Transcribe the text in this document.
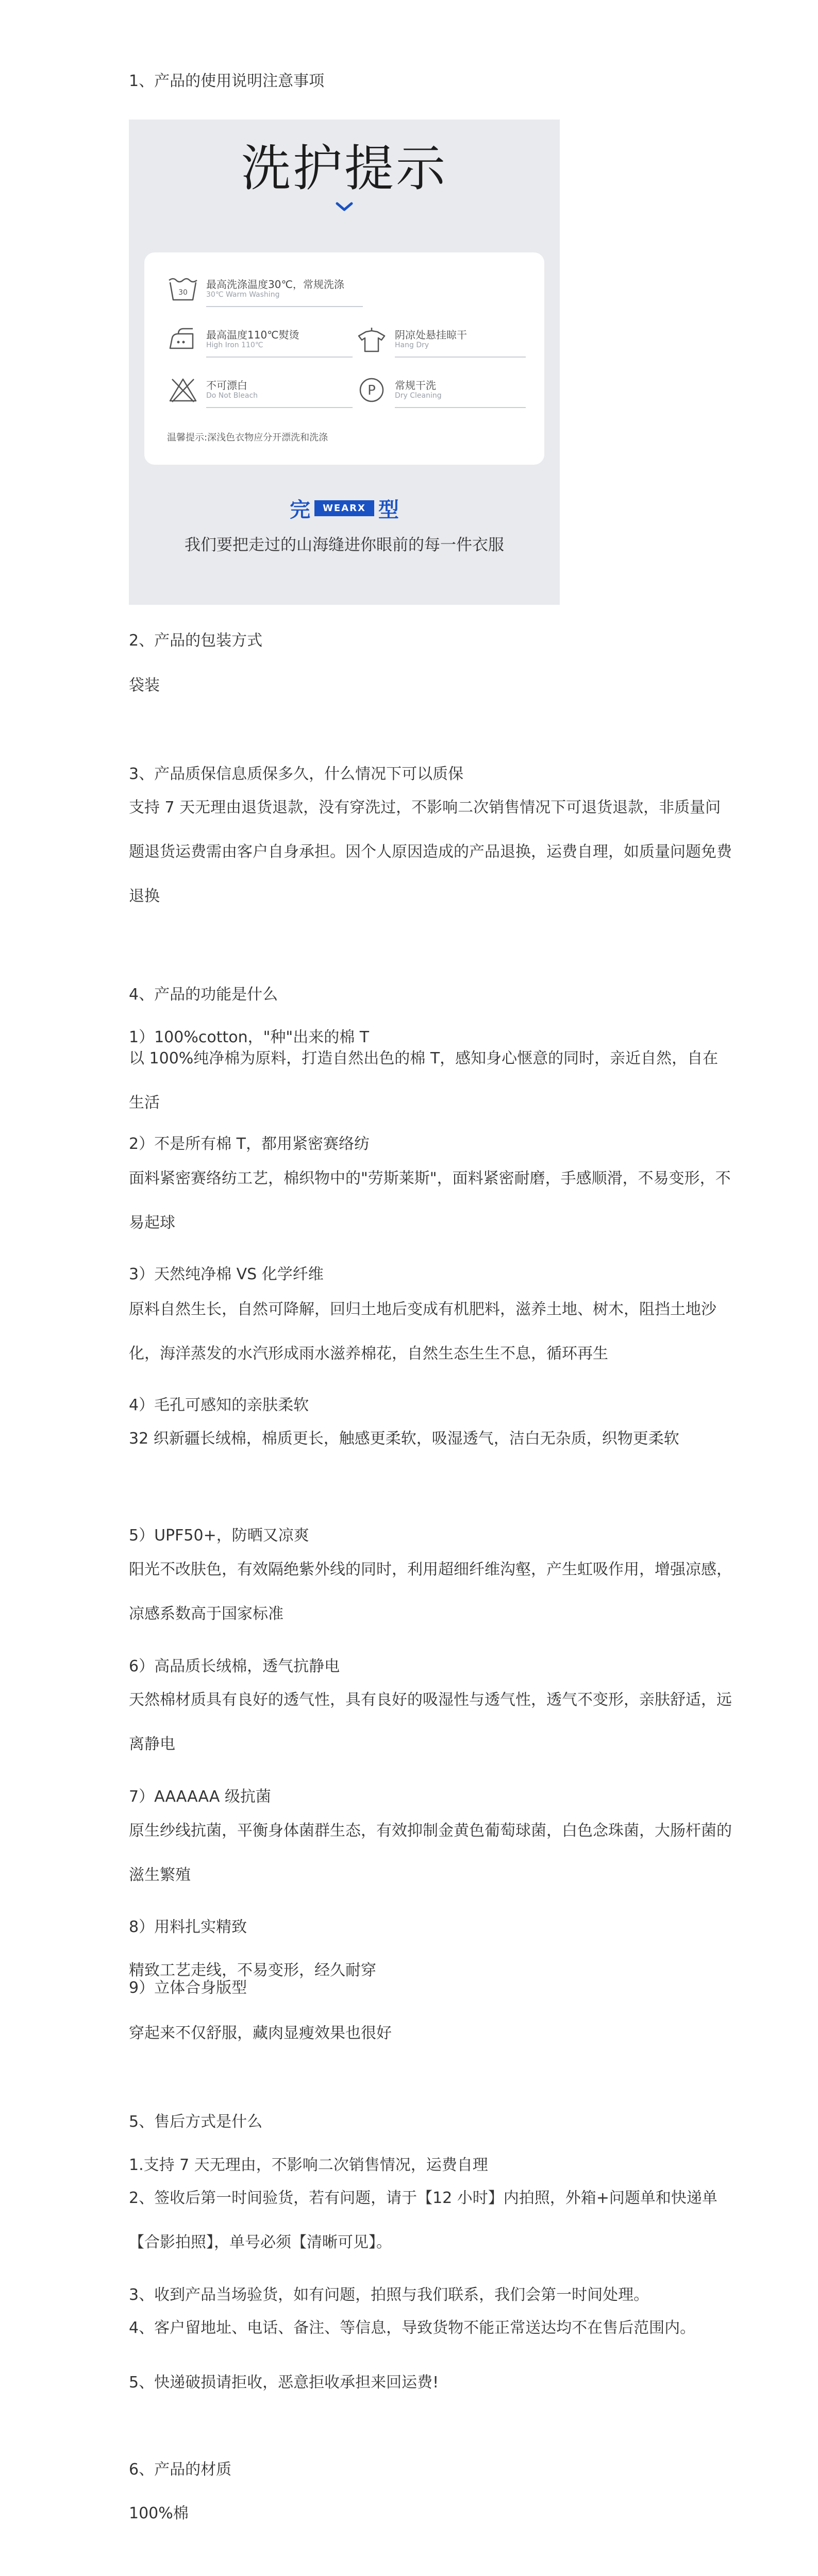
1、产品的使用说明注意事项
2、产品的包装方式
袋装
3、产品质保信息质保多久，什么情况下可以质保
支持 7 天无理由退货退款，没有穿洗过，不影响二次销售情况下可退货退款，非质量问题退货运费需由客户自身承担。因个人原因造成的产品退换，运费自理，如质量问题免费退换
4、产品的功能是什么
1）100%cotton，"种"出来的棉 T
以 100%纯净棉为原料，打造自然出色的棉 T，感知身心惬意的同时，亲近自然，自在生活
2）不是所有棉 T，都用紧密赛络纺
面料紧密赛络纺工艺，棉织物中的"劳斯莱斯"，面料紧密耐磨，手感顺滑，不易变形，不易起球
3）天然纯净棉 VS 化学纤维
原料自然生长，自然可降解，回归土地后变成有机肥料，滋养土地、树木，阻挡土地沙化，海洋蒸发的水汽形成雨水滋养棉花，自然生态生生不息，循环再生
4）毛孔可感知的亲肤柔软
32 织新疆长绒棉，棉质更长，触感更柔软，吸湿透气，洁白无杂质，织物更柔软
5）UPF50+，防晒又凉爽
阳光不改肤色，有效隔绝紫外线的同时，利用超细纤维沟壑，产生虹吸作用，增强凉感，凉感系数高于国家标准
6）高品质长绒棉，透气抗静电
天然棉材质具有良好的透气性，具有良好的吸湿性与透气性，透气不变形，亲肤舒适，远离静电
7）AAAAAA 级抗菌
原生纱线抗菌，平衡身体菌群生态，有效抑制金黄色葡萄球菌，白色念珠菌，大肠杆菌的滋生繁殖
8）用料扎实精致
精致工艺走线，不易变形，经久耐穿
9）立体合身版型
穿起来不仅舒服，藏肉显瘦效果也很好
5、售后方式是什么
1.支持 7 天无理由，不影响二次销售情况，运费自理
2、签收后第一时间验货，若有问题，请于【12 小时】内拍照，外箱+问题单和快递单【合影拍照】，单号必须【清晰可见】。
3、收到产品当场验货，如有问题，拍照与我们联系，我们会第一时间处理。
4、客户留地址、电话、备注、等信息，导致货物不能正常送达均不在售后范围内。
5、快递破损请拒收，恶意拒收承担来回运费!
6、产品的材质
100%棉
洗护提示
30
最高洗涤温度30℃，常规洗涤
30℃ Warm Washing
最高温度110℃熨烫
High Iron 110℃
阴凉处悬挂晾干
Hang Dry
不可漂白
Do Not Bleach	P 常规干洗
Dry Cleaning
温馨提示:深浅色衣物应分开漂洗和洗涤
完 WEARX 型
我们要把走过的山海缝进你眼前的每一件衣服
